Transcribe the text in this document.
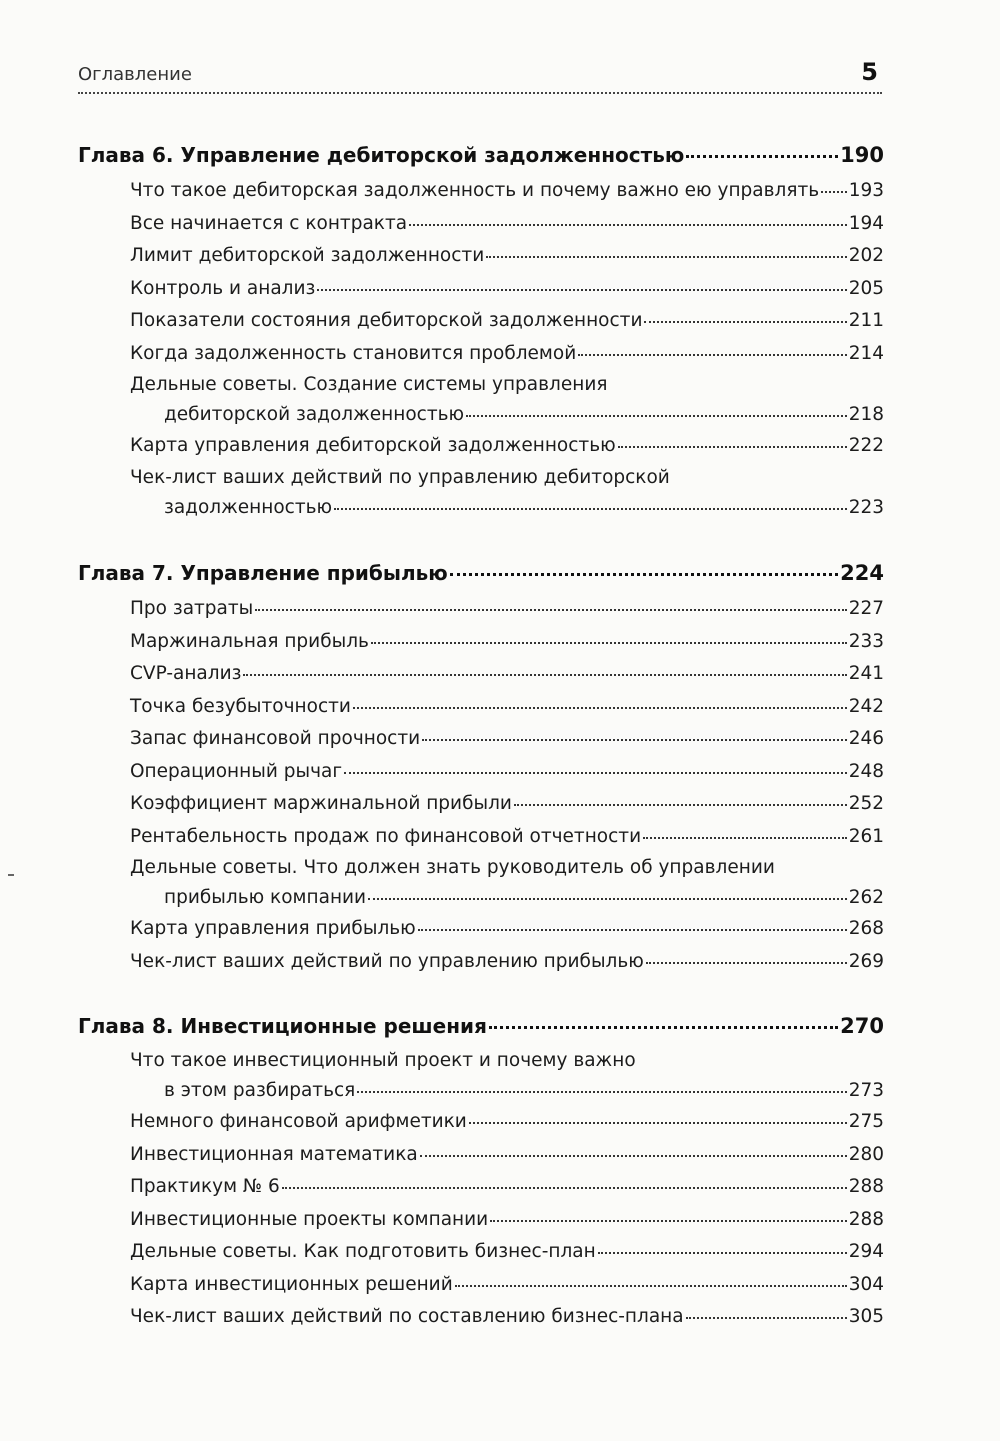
Оглавление	5
Глава 6. Управление дебиторской задолженностью	190
Что такое дебиторская задолженность и почему важно ею управлять 193
Все начинается с контракта	194
Лимит дебиторской задолженности	202
Контроль и анализ	205
Показатели состояния дебиторской задолженности	211
Когда задолженность становится проблемой	214
Дельные советы. Создание системы управления
дебиторской задолженностью	218
Карта управления дебиторской задолженностью	222
Чек-лист ваших действий по управлению дебиторской
задолженностью	223
Глава 7. Управление прибылью	224
Про затраты	227
Маржинальная прибыль	233
CVP-анализ	241
Точка безубыточности	242
Запас финансовой прочности	246
Операционный рычаг	248
Коэффициент маржинальной прибыли	252
Рентабельность продаж по финансовой отчетности	261
Дельные советы. Что должен знать руководитель об управлении
прибылью компании	262
Карта управления прибылью	268
Чек-лист ваших действий по управлению прибылью	269
Глава 8. Инвестиционные решения	270
Что такое инвестиционный проект и почему важно
в этом разбираться	273
Немного финансовой арифметики	275
Инвестиционная математика	280
Практикум № 6	288
Инвестиционные проекты компании	288
Дельные советы. Как подготовить бизнес-план	294
Карта инвестиционных решений	304
Чек-лист ваших действий по составлению бизнес-плана	305
